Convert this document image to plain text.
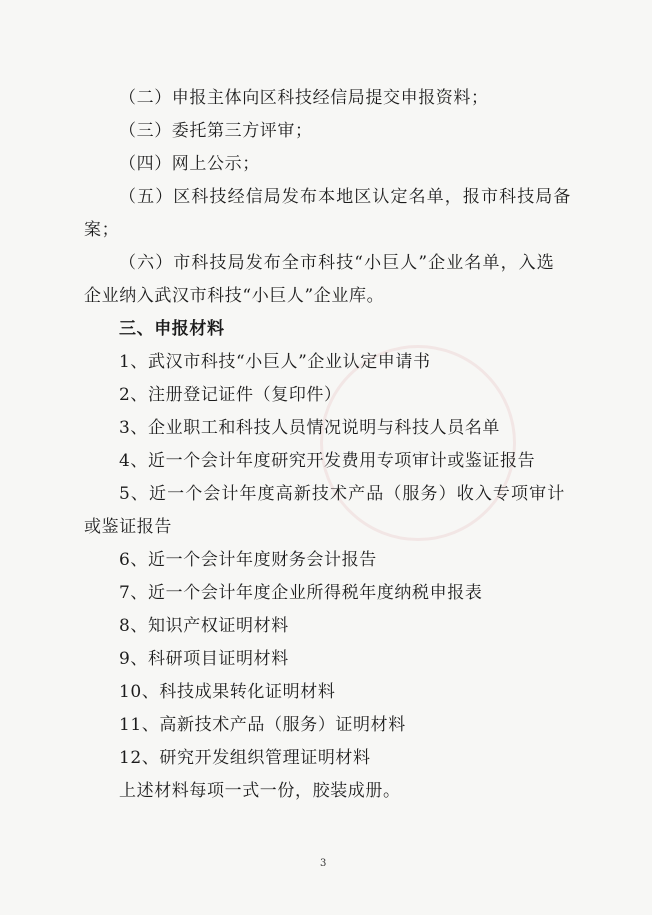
（二）申报主体向区科技经信局提交申报资料；
（三）委托第三方评审；
（四）网上公示；
（五）区科技经信局发布本地区认定名单，报市科技局备
案；
（六）市科技局发布全市科技“小巨人”企业名单，入选
企业纳入武汉市科技“小巨人”企业库。
三、申报材料
1、武汉市科技“小巨人”企业认定申请书
2、注册登记证件（复印件）
3、企业职工和科技人员情况说明与科技人员名单
4、近一个会计年度研究开发费用专项审计或鉴证报告
5、近一个会计年度高新技术产品（服务）收入专项审计
或鉴证报告
6、近一个会计年度财务会计报告
7、近一个会计年度企业所得税年度纳税申报表
8、知识产权证明材料
9、科研项目证明材料
10、科技成果转化证明材料
11、高新技术产品（服务）证明材料
12、研究开发组织管理证明材料
上述材料每项一式一份，胶装成册。
3
